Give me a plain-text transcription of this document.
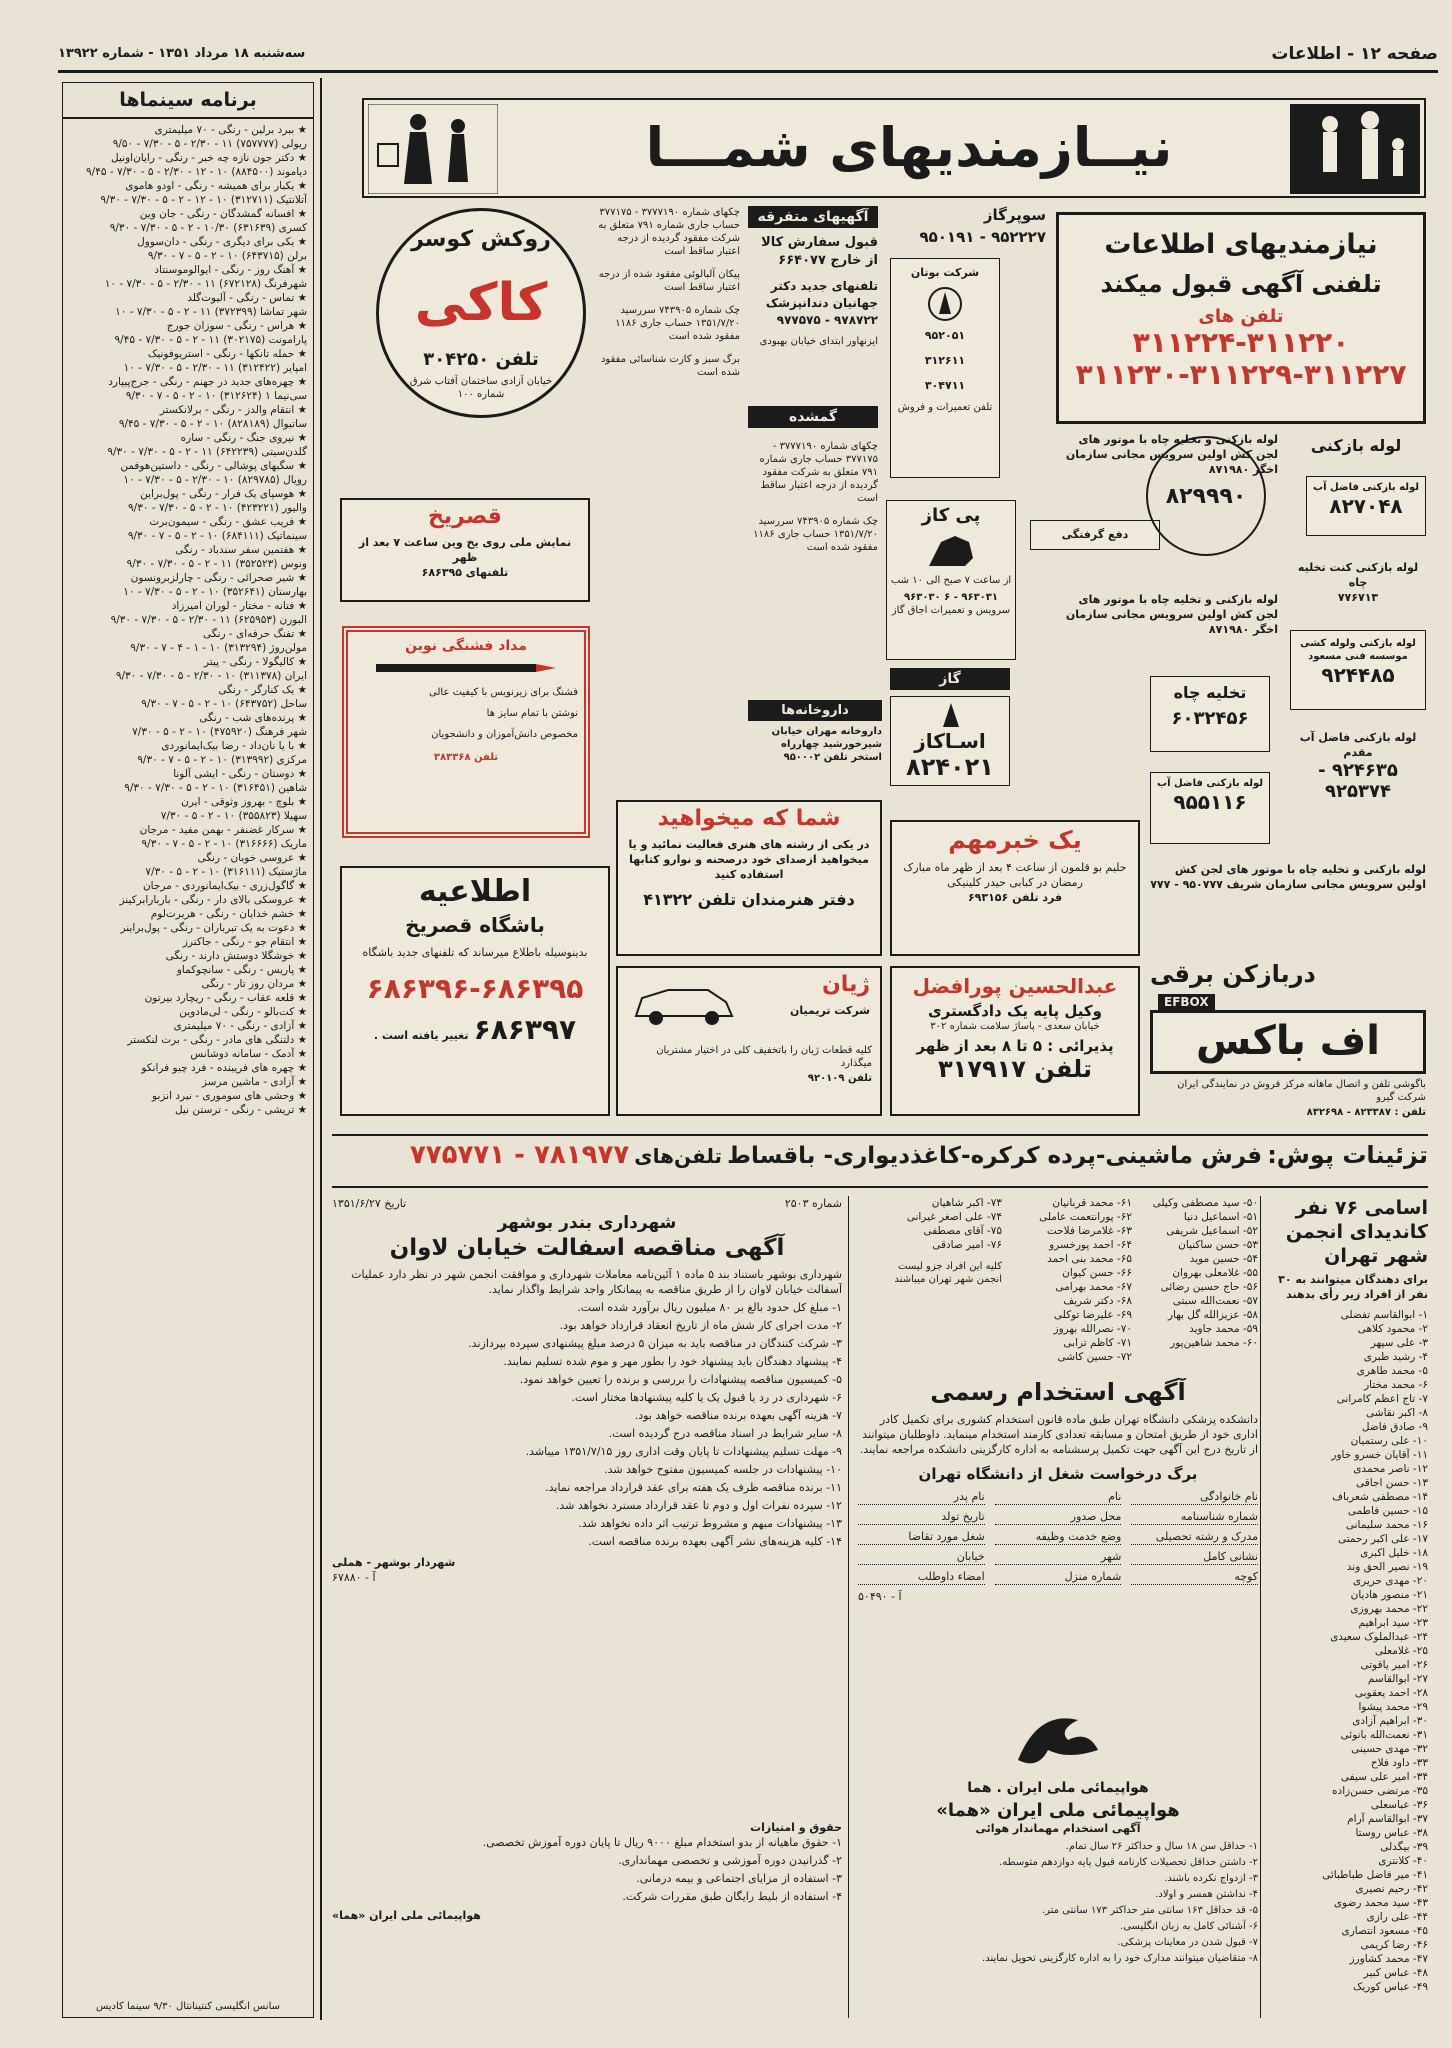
صفحه ۱۲ - اطلاعات
سه‌شنبه ۱۸ مرداد ۱۳۵۱ - شماره ۱۳۹۲۲
برنامه سینماها
★ ببرد برلین - رنگی - ۷۰ میلیمتری
ریولی (۷۵۷۷۷۷) ۱۱ - ۲/۳۰ - ۵ - ۷/۳۰ - ۹/۵۰
★ دکتر جون نازه چه خبر - رنگی - رایان‌اونیل
دیاموند (۸۸۴۵۰۰) ۱۰ - ۱۲ - ۲/۳۰ - ۵ - ۷/۳۰ - ۹/۴۵
★ یکبار برای همیشه - رنگی - اودو هاموی
آتلانتیک (۳۱۲۷۱۱) ۱۰ - ۱۲ - ۲ - ۵ - ۷/۳۰ - ۹/۳۰
★ افسانه گمشدگان - رنگی - جان وین
کسری (۶۳۱۶۳۹) ۱۰/۳۰ - ۲ - ۵ - ۷/۳۰ - ۹/۳۰
★ یکی برای دیگری - رنگی - دان‌سوول
برلن (۶۴۳۷۱۵) ۱۰ - ۲ - ۵ - ۷ - ۹/۳۰
★ آهنگ روز - رنگی - ایوالوموسنتاد
شهرفرنگ (۶۷۲۱۲۸) ۱۱ - ۲/۳۰ - ۵ - ۷/۳۰ - ۱۰
★ تماس - رنگی - آلیوت‌گلد
شهر تماشا (۳۷۲۳۹۹) ۱۱ - ۲ - ۵ - ۷/۳۰ - ۱۰
★ هراس - رنگی - سوزان جورج
پارامونت (۳۰۲۱۷۵) ۱۱ - ۲ - ۵ - ۷/۳۰ - ۹/۴۵
★ حمله تانکها - رنگی - استریوفونیک
امپایر (۳۱۲۴۲۲) ۱۱ - ۲/۳۰ - ۵ - ۷/۳۰ - ۱۰
★ چهره‌های جدید در جهنم - رنگی - جرج‌پیپارد
سی‌نیما ۱ (۳۱۲۶۲۴) ۱۰ - ۲ - ۵ - ۷ - ۹/۳۰
★ انتقام والدز - رنگی - برلانکستر
ساتیوال (۸۲۸۱۸۹) ۱۰ - ۲ - ۵ - ۷/۳۰ - ۹/۴۵
★ نیروی جنگ - رنگی - ساره
گلدن‌سیتی (۶۴۲۲۳۹) ۱۱ - ۲ - ۵ - ۷/۳۰ - ۹/۳۰
★ سگبهای پوشالی - رنگی - داستین‌هوفمن
رویال (۸۲۹۷۸۵) ۱۰ - ۲/۳۰ - ۵ - ۷/۳۰ - ۱۰
★ هوسپای یک فرار - رنگی - پول‌براین
والیور (۴۲۳۲۲۱) ۱۰ - ۲ - ۵ - ۷/۳۰ - ۹/۳۰
★ فریب عشق - رنگی - سیمون‌برت
سینماتیک (۶۸۴۱۱۱) ۱۰ - ۲ - ۵ - ۷ - ۹/۳۰
★ هفتمین سفر سندباد - رنگی
ونوس (۳۵۲۵۲۳) ۱۱ - ۲ - ۵ - ۷/۳۰ - ۹/۳۰
★ شیر صحرائی - رنگی - چارلزبرونسون
بهارستان (۳۵۲۶۴۱) ۱۰ - ۲ - ۵ - ۷/۳۰ - ۱۰
★ فتانه - مختار - لوران امیرزاد
البورن (۶۲۵۹۵۳) ۱۱ - ۲/۳۰ - ۵ - ۷/۳۰ - ۹/۳۰
★ تفنگ حرفه‌ای - رنگی
مولن‌روژ (۳۱۳۲۹۴) ۱۰ - ۱ - ۴ - ۷ - ۹/۳۰
★ کالیگولا - رنگی - پیتر
ایران (۳۱۱۳۷۸) ۱۰ - ۲/۳۰ - ۵ - ۷/۳۰ - ۹/۳۰
★ یک کنارگر - رنگی
ساحل (۶۴۳۷۵۲) ۱۰ - ۲ - ۵ - ۷ - ۹/۳۰
★ پرنده‌های شب - رنگی
شهر فرهنگ (۴۷۵۹۲۰) ۱۰ - ۲ - ۵ - ۷/۳۰
★ با یا نان‌داد - رضا بیک‌ایمانوردی
مرکزی (۳۱۳۹۹۲) ۱۰ - ۲ - ۵ - ۷ - ۹/۳۰
★ دوستان - رنگی - ایشی آلونا
شاهین (۳۱۶۴۵۱) ۱۰ - ۲ - ۵ - ۷/۳۰ - ۹/۳۰
★ بلوچ - بهروز وثوقی - ایرن
سهیلا (۳۵۵۸۲۳) ۱۰ - ۲ - ۵ - ۷/۳۰
★ سرکار غضنفر - بهمن مفید - مرجان
ماریک (۳۱۶۶۶۶) ۱۰ - ۲ - ۵ - ۷ - ۹/۳۰
★ عروسی خوبان - رنگی
ماژستیک (۳۱۶۱۱۱) ۱۰ - ۲ - ۵ - ۷/۳۰
★ گاگول‌زری - بیک‌ایمانوردی - مرجان
★ عروسکی بالای دار - رنگی - باربارابرکینز
★ خشم خدایان - رنگی - هربرت‌لوم
★ دعوت به یک تبرباران - رنگی - پول‌براینر
★ انتقام جو - رنگی - جاکنرز
★ خوشگلا دوستش دارند - رنگی
★ پاریس - رنگی - سانچوکماو
★ مردان روز تار - رنگی
★ قلعه عقاب - رنگی - ریچارد بیرتون
★ کت‌بالو - رنگی - لی‌مادوین
★ آزادی - رنگی - ۷۰ میلیمتری
★ دلتنگی های مادر - رنگی - برت لنکستر
★ آدمک - سامانه دوشانس
★ چهره های فریبنده - فرد چیو فرانکو
★ آزادی - ماشین مرسز
★ وحشی های سوموری - نبرد انزبو
★ تریشی - رنگی - ترستن نیل
سانس انگلیسی کنتینانتال ۹/۳۰ سینما کادیس
نیــازمندیهای شمـــا
نیازمندیهای اطلاعات
تلفنی آگهی قبول میکند
تلفن های
۳۱۱۲۲۴-۳۱۱۲۲۰
۳۱۱۲۳۰-۳۱۱۲۲۹-۳۱۱۲۲۷
سوپرگاز
۹۵۲۲۲۷ - ۹۵۰۱۹۱
آگهیهای متفرقه
قبول سفارش کالا از خارج ۶۶۴۰۷۷
تلفنهای جدید دکتر جهانیان دندانپزشک ۹۷۸۷۲۲ - ۹۷۷۵۷۵
ایزنهاور ابتدای خیابان بهبودی
گمشده
چکهای شماره ۳۷۷۷۱۹۰ - ۳۷۷۱۷۵ حساب جاری شماره ۷۹۱ متعلق به شرکت مفقود گردیده از درجه اعتبار ساقط است
پیکان آلبالوئی مفقود شده از درجه اعتبار ساقط است
چک شماره ۷۴۳۹۰۵ سررسید ۱۳۵۱/۷/۲۰ حساب جاری ۱۱۸۶ مفقود شده است
برگ سبز و کارت شناسائی مفقود شده است
چکهای شماره ۳۷۷۷۱۹۰ - ۳۷۷۱۷۵ حساب جاری شماره ۷۹۱ متعلق به شرکت مفقود گردیده از درجه اعتبار ساقط است
چک شماره ۷۴۳۹۰۵ سررسید ۱۳۵۱/۷/۲۰ حساب جاری ۱۱۸۶ مفقود شده است
روکش کوسر
کاکی
تلفن ۳۰۴۲۵۰
خیابان آزادی ساختمان آفتاب شرق شماره ۱۰۰
قصریخ
نمایش ملی روی یخ وین ساعت ۷ بعد از ظهر
تلفنهای ۶۸۶۳۹۵
مداد فشنگی نوین
فشنگ برای زیرنویس با کیفیت عالی
نوشتن با تمام سایز ها
مخصوص دانش‌آموزان و دانشجویان
تلفن ۳۸۳۳۶۸
اطلاعیه
باشگاه قصریخ
بدینوسیله باطلاع میرساند که تلفنهای جدید باشگاه
۶۸۶۳۹۶-۶۸۶۳۹۵
۶۸۶۳۹۷ تغییر یافته است .
شرکت بوتان
۹۵۲۰۵۱
۳۱۲۶۱۱
۳۰۴۷۱۱
تلفن تعمیرات و فروش
لوله بازکنی و تخلیه چاه با موتور های لجن کش اولین سرویس مجانی سازمان اخگر ۸۷۱۹۸۰
لوله بازکنی و تخلیه چاه با موتور های لجن کش اولین سرویس مجانی سازمان اخگر ۸۷۱۹۸۰
پی کاز
از ساعت ۷ صبح الی ۱۰ شب
۹۶۳۰۳۱ - ۶ ۹۶۳۰۳۰
سرویس و تعمیرات اجاق گاز
دفع گرفتگی
گاز
اسـاکاز
۸۲۴۰۲۱
داروخانه‌ها
داروخانه مهران خیابان شیرخورشید چهارراه استخر تلفن ۹۵۰۰۰۲
شما که میخواهید
در یکی از رشته های هنری فعالیت نمائید و یا میخواهید ازصدای خود درصحنه و نوارو کتابها استفاده کنید
دفتر هنرمندان تلفن ۴۱۳۲۲
ژیان
شرکت تریمیان
کلیه قطعات ژیان را باتخفیف کلی در اختیار مشتریان میگذارد
تلفن ۹۲۰۱۰۹
یک خبرمهم
حلیم بو قلمون از ساعت ۴ بعد از ظهر ماه مبارک رمضان در کبابی حیدر کلینیکی
فرد تلفن ۶۹۳۱۵۶
عبدالحسین پورافضل
وکیل پایه یک دادگستری
خیابان سعدی - پاساژ سلامت شماره ۳۰۲
پذیرائی : ۵ تا ۸ بعد از ظهر
تلفن ۳۱۷۹۱۷
لوله بازکنی
۸۲۹۹۹۰	لوله بازکنی فاضل آب
۸۲۷۰۴۸
لوله بازکنی کنت تخلیه چاه
۷۷۶۷۱۳
لوله بازکنی ولوله کشی موسسه فنی مسعود
۹۲۴۴۸۵
تخلیه چاه
۶۰۳۲۴۵۶
لوله بازکنی فاضل آب مقدم
۹۲۴۶۳۵ - ۹۲۵۳۷۴
لوله بازکنی فاضل آب
۹۵۵۱۱۶
لوله بازکنی و تخلیه چاه با موتور های لجن کش اولین سرویس مجانی سازمان شریف ۹۵۰۷۷۷ - ۷۷۷
دربازکن برقی
EFBOX
اف باکس
باگوشی تلفن و اتصال ماهانه مرکز فروش در نمایندگی ایران شرکت گیرو
تلفن : ۸۲۳۳۸۷ - ۸۳۲۶۹۸
تزئینات پوش: فرش ماشینی-پرده کرکره-کاغذدیواری- باقساط تلفن‌های ۷۸۱۹۷۷ - ۷۷۵۷۷۱
اسامی ۷۶ نفر کاندیدای انجمن شهر تهران
برای دهندگان میتوانند به ۳۰ نفر از افراد زیر رأی بدهند
۱- ابوالقاسم تفضلی
۲- محمود کلاهی
۳- علی سپهر
۴- رشید طبری
۵- محمد طاهری
۶- محمد مختار
۷- تاج اعظم کامرانی
۸- اکبر نقاشی
۹- صادق فاضل
۱۰- علی رستمیان
۱۱- آقایان خسرو خاور
۱۲- ناصر محمدی
۱۳- حسن اجاقی
۱۴- مصطفی شعرباف
۱۵- حسین فاطمی
۱۶- محمد سلیمانی
۱۷- علی اکبر رحمتی
۱۸- خلیل اکبری
۱۹- نصیر الحق وند
۲۰- مهدی حریری
۲۱- منصور هادیان
۲۲- محمد بهروزی
۲۳- سید ابراهیم
۲۴- عبدالملوک سعیدی
۲۵- غلامعلی
۲۶- امیر یاقوتی
۲۷- ابوالقاسم
۲۸- احمد یعقوبی
۲۹- محمد پیشوا
۳۰- ابراهیم آزادی
۳۱- نعمت‌الله بانوئی
۳۲- مهدی حسینی
۳۳- داود فلاح
۳۴- امیر علی سیفی
۳۵- مرتضی حسن‌زاده
۳۶- عباسعلی
۳۷- ابوالقاسم آرام
۳۸- عباس روستا
۳۹- بیگدلی
۴۰- کلانتری
۴۱- میر فاضل طباطبائی
۴۲- رحیم نصیری
۴۳- سید محمد رضوی
۴۴- علی رازی
۴۵- مسعود انتصاری
۴۶- رضا کریمی
۴۷- محمد کشاورز
۴۸- عباس کبیر
۴۹- عباس کوریک
۵۰- سید مصطفی وکیلی
۵۱- اسماعیل دنیا
۵۲- اسماعیل شریفی
۵۳- حسن ساکنیان
۵۴- حسین موید
۵۵- غلامعلی بهروان
۵۶- حاج حسین رضائی
۵۷- نعمت‌الله سبتی
۵۸- عزیزالله گل بهار
۵۹- محمد جاوید
۶۰- محمد شاهین‌پور
۶۱- محمد قربانیان
۶۲- پورانتعمت عاملی
۶۳- غلامرضا فلاحت
۶۴- احمد پورخسرو
۶۵- محمد بنی احمد
۶۶- حسن کیوان
۶۷- محمد بهرامی
۶۸- دکتر شریف
۶۹- علیرضا توکلی
۷۰- نصرالله بهروز
۷۱- کاظم ترابی
۷۲- حسین کاشی
۷۳- اکبر شاهیان
۷۴- علی اصغر غیرانی
۷۵- آقای مصطفی
۷۶- امیر صادقی
کلیه این افراد جزو لیست انجمن شهر تهران میباشند
شماره ۲۵۰۳
تاریخ ۱۳۵۱/۶/۲۷
شهرداری بندر بوشهر
آگهی مناقصه اسفالت خیابان لاوان
شهرداری بوشهر باستناد بند ۵ ماده ۱ آئین‌نامه معاملات شهرداری و موافقت انجمن شهر در نظر دارد عملیات آسفالت خیابان لاوان را از طریق مناقصه به پیمانکار واجد شرایط واگذار نماید.
۱- مبلغ کل حدود بالغ بر ۸۰ میلیون ریال برآورد شده است.
۲- مدت اجرای کار شش ماه از تاریخ انعقاد قرارداد خواهد بود.
۳- شرکت کنندگان در مناقصه باید به میزان ۵ درصد مبلغ پیشنهادی سپرده بپردازند.
۴- پیشنهاد دهندگان باید پیشنهاد خود را بطور مهر و موم شده تسلیم نمایند.
۵- کمیسیون مناقصه پیشنهادات را بررسی و برنده را تعیین خواهد نمود.
۶- شهرداری در رد یا قبول یک یا کلیه پیشنهادها مختار است.
۷- هزینه آگهی بعهده برنده مناقصه خواهد بود.
۸- سایر شرایط در اسناد مناقصه درج گردیده است.
۹- مهلت تسلیم پیشنهادات تا پایان وقت اداری روز ۱۳۵۱/۷/۱۵ میباشد.
۱۰- پیشنهادات در جلسه کمیسیون مفتوح خواهد شد.
۱۱- برنده مناقصه ظرف یک هفته برای عقد قرارداد مراجعه نماید.
۱۲- سپرده نفرات اول و دوم تا عقد قرارداد مسترد نخواهد شد.
۱۳- پیشنهادات مبهم و مشروط ترتیب اثر داده نخواهد شد.
۱۴- کلیه هزینه‌های نشر آگهی بعهده برنده مناقصه است.
شهردار بوشهر - هملی
آ - ۶۷۸۸۰
آگهی استخدام رسمی
دانشکده پزشکی دانشگاه تهران طبق ماده قانون استخدام کشوری برای تکمیل کادر اداری خود از طریق امتحان و مسابقه تعدادی کارمند استخدام مینماید. داوطلبان میتوانند از تاریخ درج این آگهی جهت تکمیل پرسشنامه به اداره کارگزینی دانشکده مراجعه نمایند.
برگ درخواست شغل از دانشگاه تهران
نام خانوادگی
نام
نام پدر
شماره شناسنامه
محل صدور
تاریخ تولد
مدرک و رشته تحصیلی
وضع خدمت وظیفه
شغل مورد تقاضا
نشانی کامل
شهر
خیابان
کوچه
شماره منزل
امضاء داوطلب
آ - ۵۰۴۹۰
هواپیمائی ملی ایران . هما
هواپیمائی ملی ایران «هما»
آگهی استخدام مهماندار هوائی
۱- حداقل سن ۱۸ سال و حداکثر ۲۶ سال تمام.
۲- داشتن حداقل تحصیلات کارنامه قبول پایه دوازدهم متوسطه.
۳- ازدواج نکرده باشند.
۴- نداشتن همسر و اولاد.
۵- قد حداقل ۱۶۳ سانتی متر حداکثر ۱۷۳ سانتی متر.
۶- آشنائی کامل به زبان انگلیسی.
۷- قبول شدن در معاینات پزشکی.
۸- متقاضیان میتوانند مدارک خود را به اداره کارگزینی تحویل نمایند.
حقوق و امتیازات
۱- حقوق ماهیانه از بدو استخدام مبلغ ۹۰۰۰ ریال تا پایان دوره آموزش تخصصی.
۲- گذرانیدن دوره آموزشی و تخصصی مهمانداری.
۳- استفاده از مزایای اجتماعی و بیمه درمانی.
۴- استفاده از بلیط رایگان طبق مقررات شرکت.
هواپیمائی ملی ایران «هما»
